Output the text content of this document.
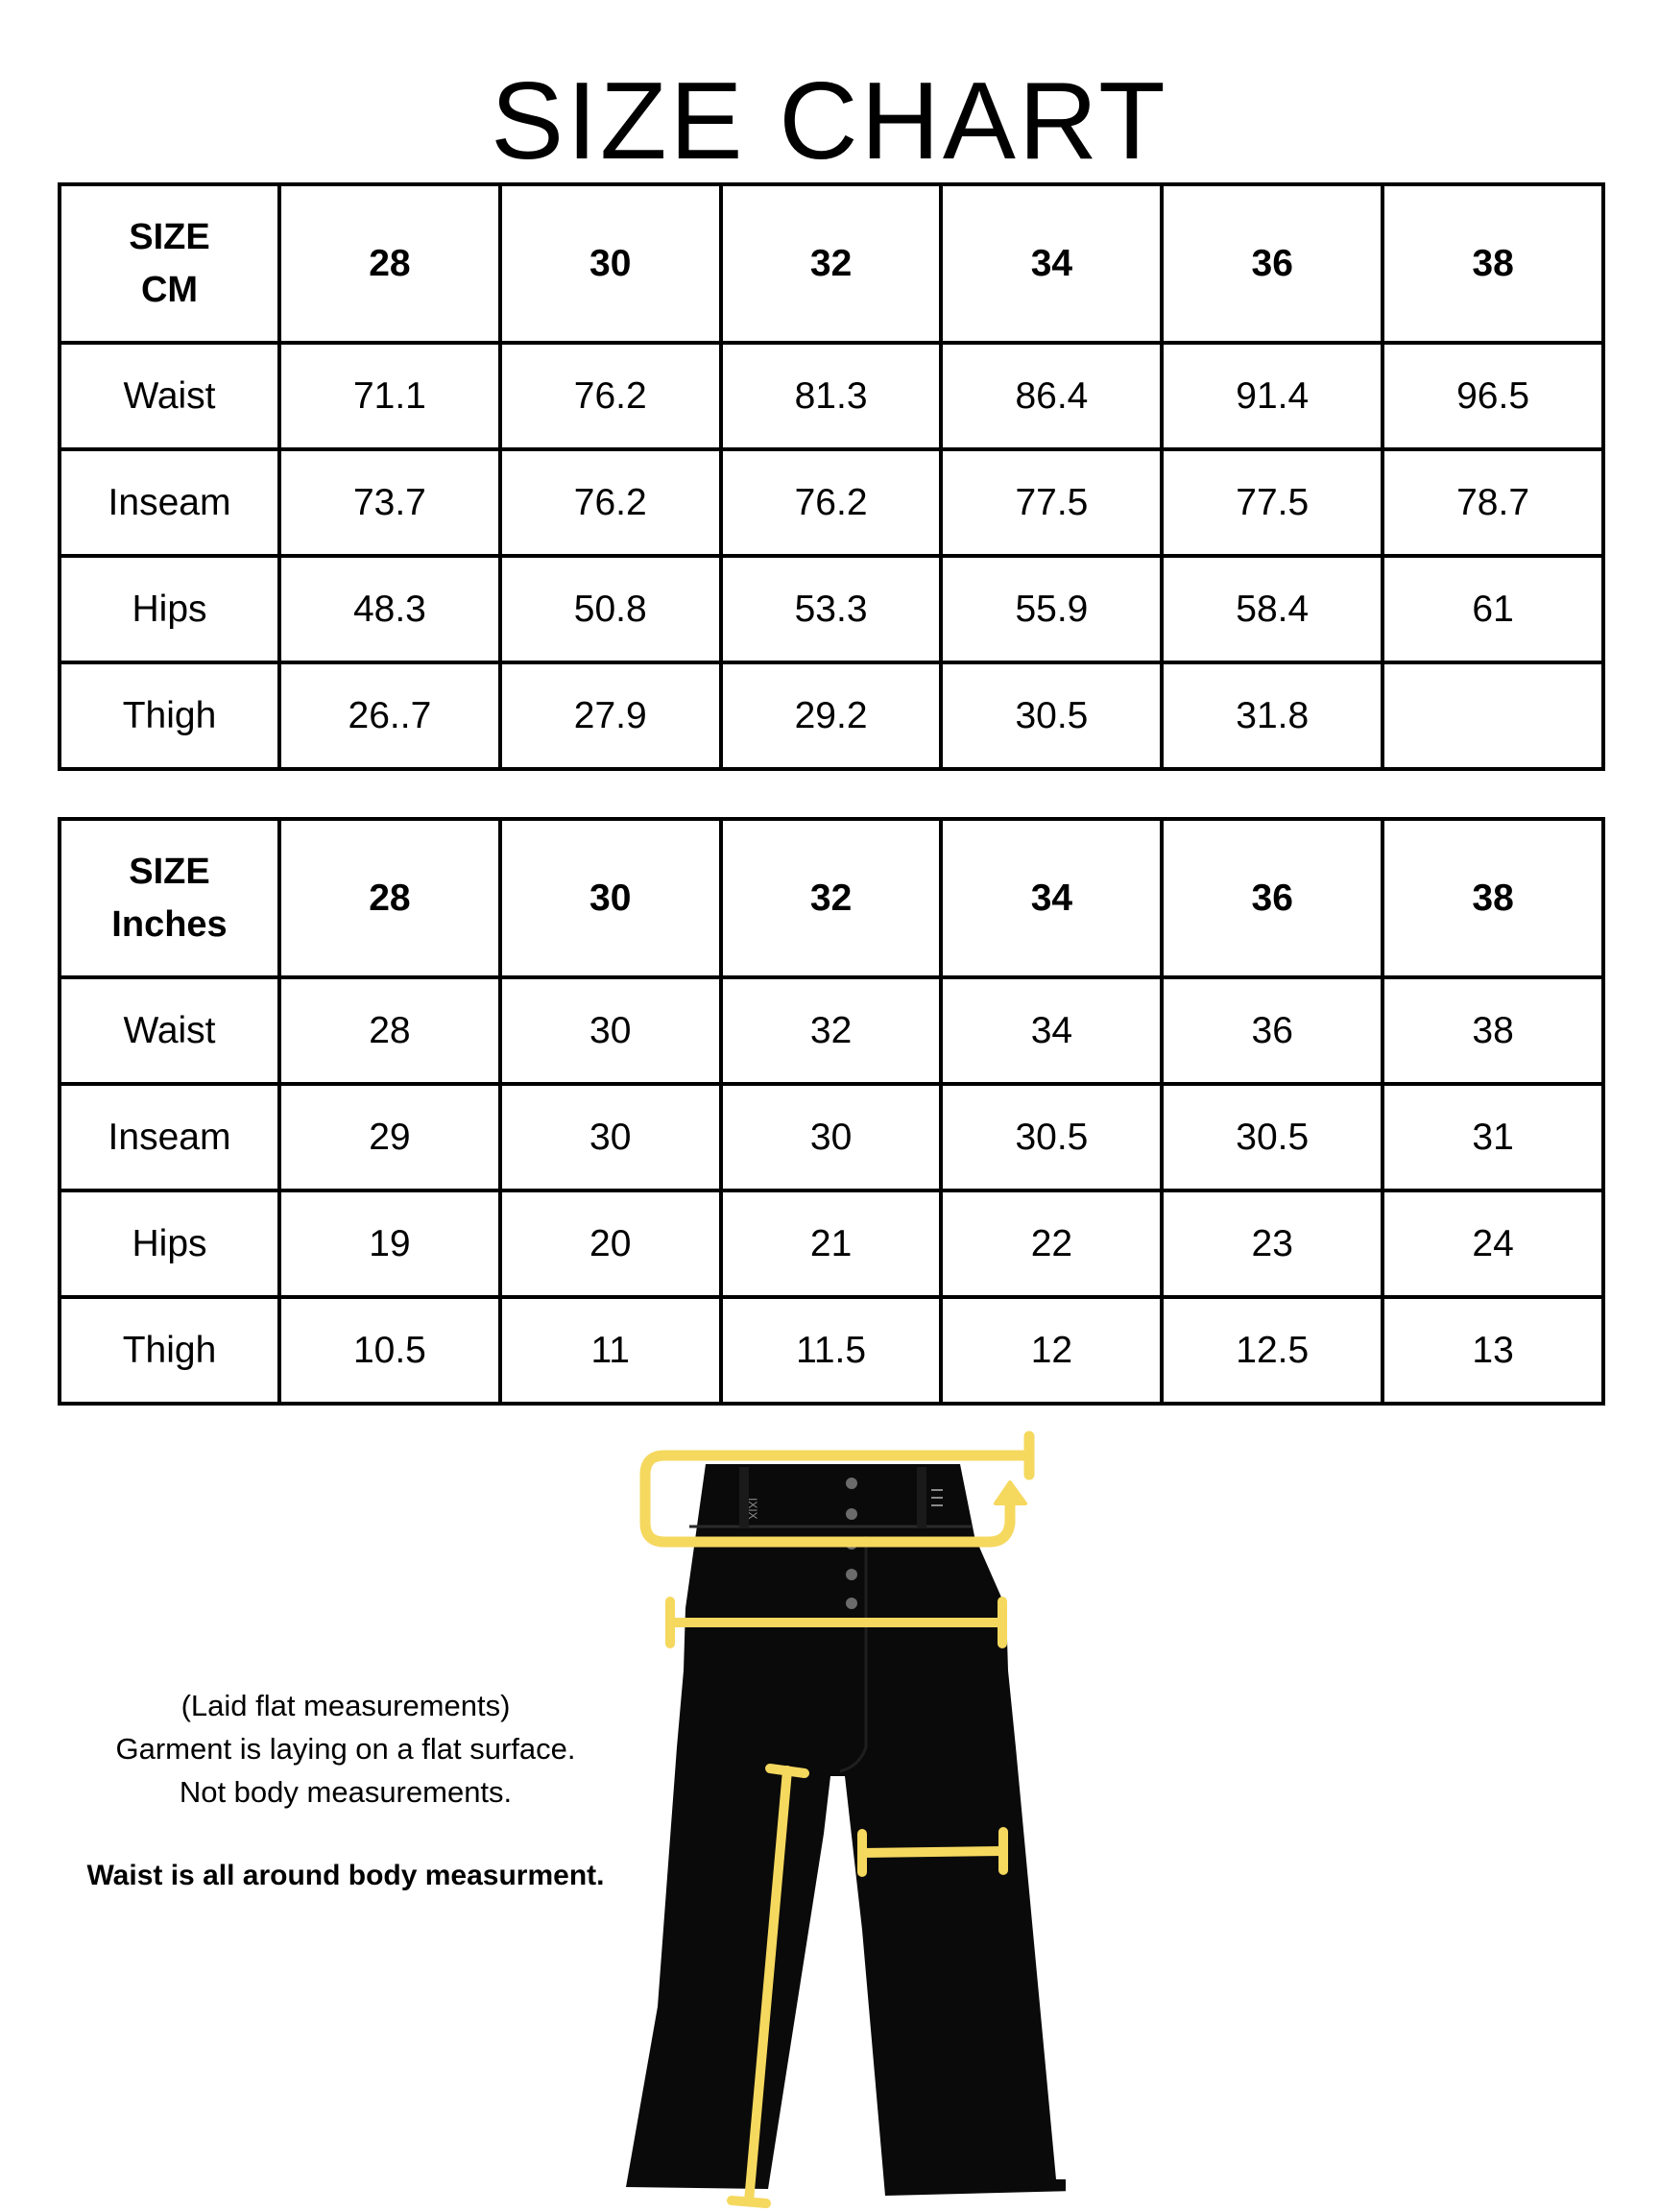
SIZE CHART
SIZE
CM	28	30	32	34	36	38
Waist	71.1	76.2	81.3	86.4	91.4	96.5
Inseam	73.7	76.2	76.2	77.5	77.5	78.7
Hips	48.3	50.8	53.3	55.9	58.4	61
Thigh	26..7	27.9	29.2	30.5	31.8	
SIZE
Inches	28	30	32	34	36	38
Waist	28	30	32	34	36	38
Inseam	29	30	30	30.5	30.5	31
Hips	19	20	21	22	23	24
Thigh	10.5	11	11.5	12	12.5	13
(Laid flat measurements)
Garment is laying on a flat surface.
Not body measurements.
Waist is all around body measurment.
IXIX
